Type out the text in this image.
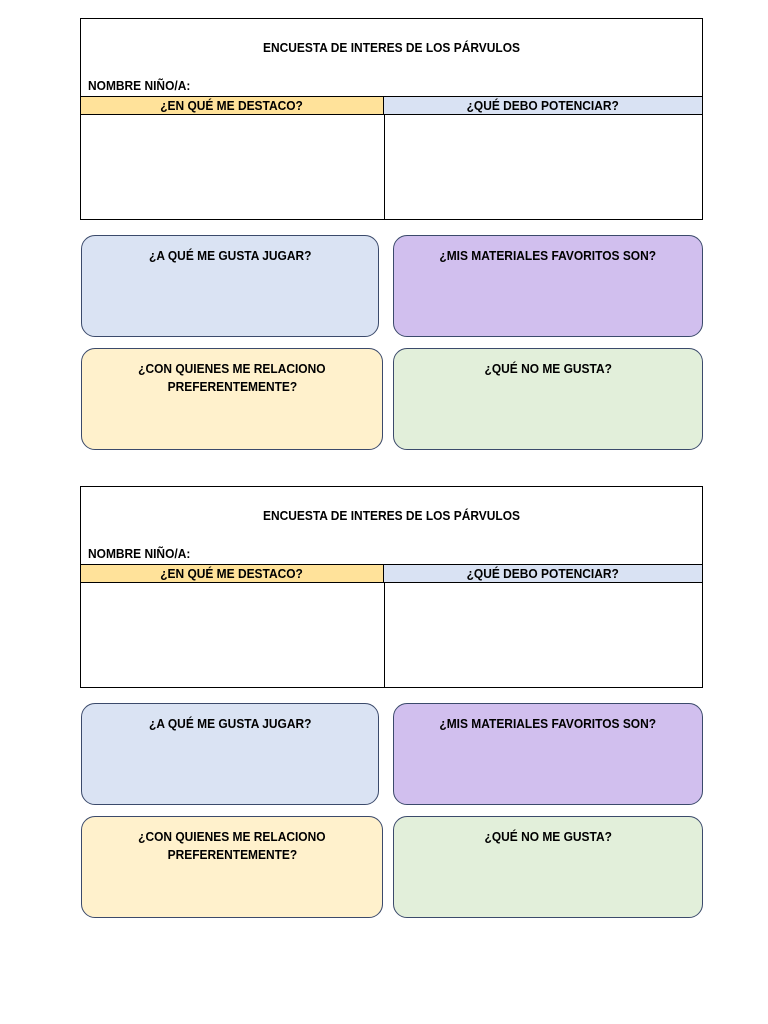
ENCUESTA DE INTERES DE LOS PÁRVULOS
NOMBRE NIÑO/A:
¿EN QUÉ ME DESTACO?	¿QUÉ DEBO POTENCIAR?
¿A QUÉ ME GUSTA JUGAR?	¿MIS MATERIALES FAVORITOS SON?
¿CON QUIENES ME RELACIONO
PREFERENTEMENTE?
¿QUÉ NO ME GUSTA?
ENCUESTA DE INTERES DE LOS PÁRVULOS
NOMBRE NIÑO/A:
¿EN QUÉ ME DESTACO?	¿QUÉ DEBO POTENCIAR?
¿A QUÉ ME GUSTA JUGAR?	¿MIS MATERIALES FAVORITOS SON?
¿CON QUIENES ME RELACIONO
PREFERENTEMENTE?
¿QUÉ NO ME GUSTA?
